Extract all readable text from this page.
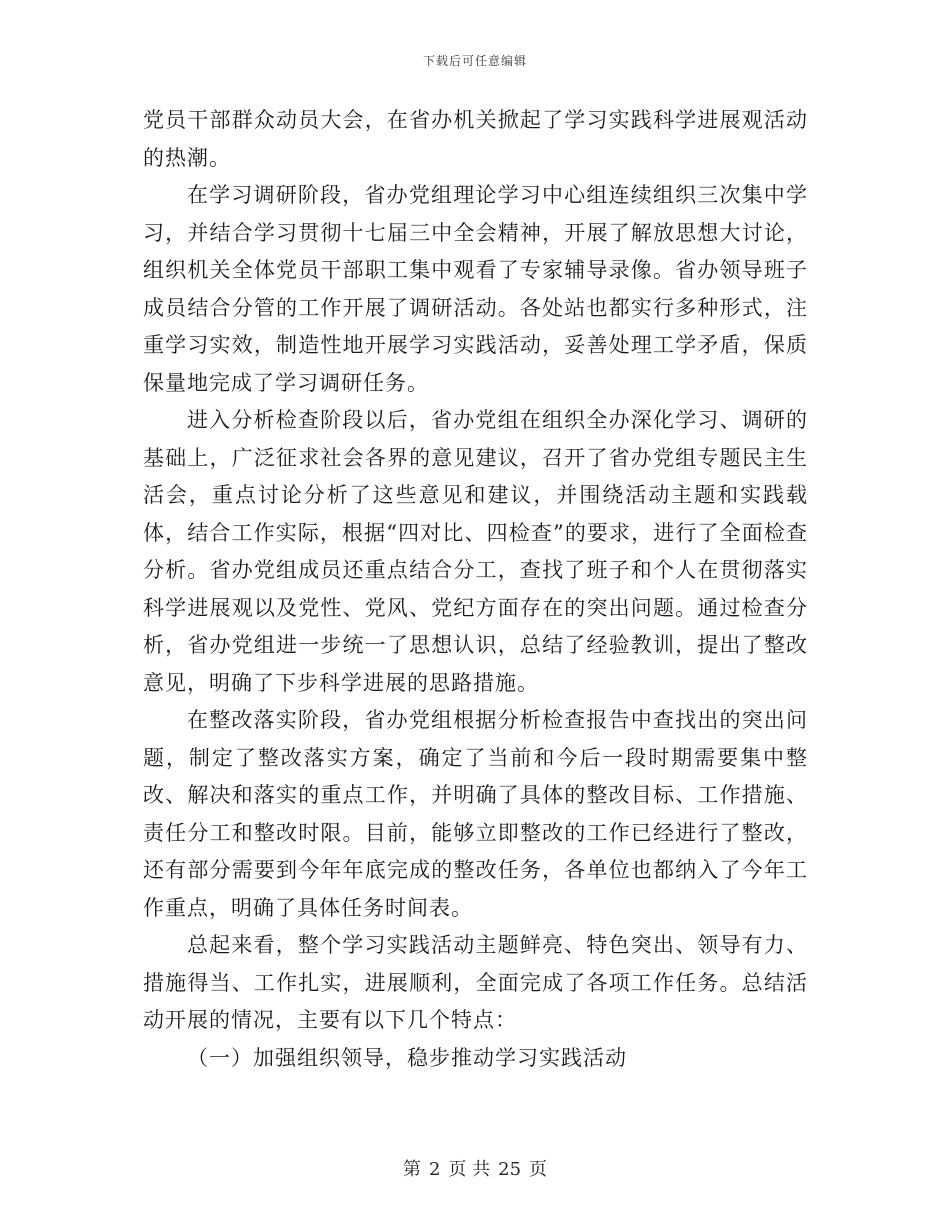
下载后可任意编辑

党员干部群众动员大会，在省办机关掀起了学习实践科学进展观活动的热潮。

在学习调研阶段，省办党组理论学习中心组连续组织三次集中学习，并结合学习贯彻十七届三中全会精神，开展了解放思想大讨论，组织机关全体党员干部职工集中观看了专家辅导录像。省办领导班子成员结合分管的工作开展了调研活动。各处站也都实行多种形式，注重学习实效，制造性地开展学习实践活动，妥善处理工学矛盾，保质保量地完成了学习调研任务。

进入分析检查阶段以后，省办党组在组织全办深化学习、调研的基础上，广泛征求社会各界的意见建议，召开了省办党组专题民主生活会，重点讨论分析了这些意见和建议，并围绕活动主题和实践载体，结合工作实际，根据“四对比、四检查”的要求，进行了全面检查分析。省办党组成员还重点结合分工，查找了班子和个人在贯彻落实科学进展观以及党性、党风、党纪方面存在的突出问题。通过检查分析，省办党组进一步统一了思想认识，总结了经验教训，提出了整改意见，明确了下步科学进展的思路措施。

在整改落实阶段，省办党组根据分析检查报告中查找出的突出问题，制定了整改落实方案，确定了当前和今后一段时期需要集中整改、解决和落实的重点工作，并明确了具体的整改目标、工作措施、责任分工和整改时限。目前，能够立即整改的工作已经进行了整改，还有部分需要到今年年底完成的整改任务，各单位也都纳入了今年工作重点，明确了具体任务时间表。

总起来看，整个学习实践活动主题鲜亮、特色突出、领导有力、措施得当、工作扎实，进展顺利，全面完成了各项工作任务。总结活动开展的情况，主要有以下几个特点：

（一）加强组织领导，稳步推动学习实践活动

第 2 页 共 25 页
